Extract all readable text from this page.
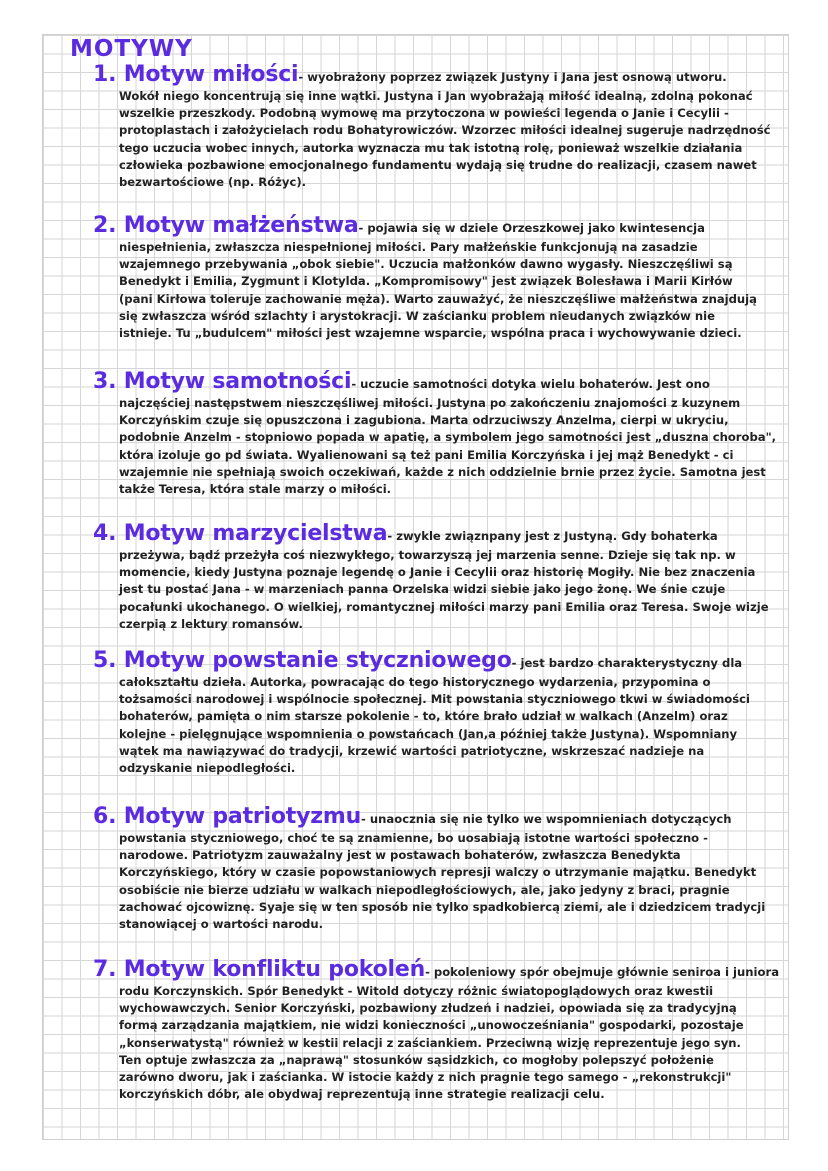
MOTYWY

1. Motyw miłości- wyobrażony poprzez związek Justyny i Jana jest osnową utworu.

Wokół niego koncentrują się inne wątki. Justyna i Jan wyobrażają miłość idealną, zdolną pokonać

wszelkie przeszkody. Podobną wymowę ma przytoczona w powieści legenda o Janie i Cecylii -

protoplastach i założycielach rodu Bohatyrowiczów. Wzorzec miłości idealnej sugeruje nadrzędność

tego uczucia wobec innych, autorka wyznacza mu tak istotną rolę, ponieważ wszelkie działania

człowieka pozbawione emocjonalnego fundamentu wydają się trudne do realizacji, czasem nawet

bezwartościowe (np. Różyc).

2. Motyw małżeństwa- pojawia się w dziele Orzeszkowej jako kwintesencja

niespełnienia, zwłaszcza niespełnionej miłości. Pary małżeńskie funkcjonują na zasadzie

wzajemnego przebywania „obok siebie". Uczucia małżonków dawno wygasły. Nieszczęśliwi są

Benedykt i Emilia, Zygmunt i Klotylda. „Kompromisowy" jest związek Bolesława i Marii Kirłów

(pani Kirłowa toleruje zachowanie męża). Warto zauważyć, że nieszczęśliwe małżeństwa znajdują

się zwłaszcza wśród szlachty i arystokracji. W zaścianku problem nieudanych związków nie

istnieje. Tu „budulcem" miłości jest wzajemne wsparcie, wspólna praca i wychowywanie dzieci.

3. Motyw samotności- uczucie samotności dotyka wielu bohaterów. Jest ono

najczęściej następstwem nieszczęśliwej miłości. Justyna po zakończeniu znajomości z kuzynem

Korczyńskim czuje się opuszczona i zagubiona. Marta odrzuciwszy Anzelma, cierpi w ukryciu,

podobnie Anzelm - stopniowo popada w apatię, a symbolem jego samotności jest „duszna choroba",

która izoluje go pd świata. Wyalienowani są też pani Emilia Korczyńska i jej mąż Benedykt - ci

wzajemnie nie spełniają swoich oczekiwań, każde z nich oddzielnie brnie przez życie. Samotna jest

także Teresa, która stale marzy o miłości.

4. Motyw marzycielstwa- zwykle związnpany jest z Justyną. Gdy bohaterka

przeżywa, bądź przeżyła coś niezwykłego, towarzyszą jej marzenia senne. Dzieje się tak np. w

momencie, kiedy Justyna poznaje legendę o Janie i Cecylii oraz historię Mogiły. Nie bez znaczenia

jest tu postać Jana - w marzeniach panna Orzelska widzi siebie jako jego żonę. We śnie czuje

pocałunki ukochanego. O wielkiej, romantycznej miłości marzy pani Emilia oraz Teresa. Swoje wizje

czerpią z lektury romansów.

5. Motyw powstanie styczniowego- jest bardzo charakterystyczny dla

całokształtu dzieła. Autorka, powracając do tego historycznego wydarzenia, przypomina o

tożsamości narodowej i wspólnocie społecznej. Mit powstania styczniowego tkwi w świadomości

bohaterów, pamięta o nim starsze pokolenie - to, które brało udział w walkach (Anzelm) oraz

kolejne - pielęgnujące wspomnienia o powstańcach (Jan,a później także Justyna). Wspomniany

wątek ma nawiązywać do tradycji, krzewić wartości patriotyczne, wskrzeszać nadzieje na

odzyskanie niepodległości.

6. Motyw patriotyzmu- unaocznia się nie tylko we wspomnieniach dotyczących

powstania styczniowego, choć te są znamienne, bo uosabiają istotne wartości społeczno -

narodowe. Patriotyzm zauważalny jest w postawach bohaterów, zwłaszcza Benedykta

Korczyńskiego, który w czasie popowstaniowych represji walczy o utrzymanie majątku. Benedykt

osobiście nie bierze udziału w walkach niepodległościowych, ale, jako jedyny z braci, pragnie

zachować ojcowiznę. Syaje się w ten sposób nie tylko spadkobiercą ziemi, ale i dziedzicem tradycji

stanowiącej o wartości narodu.

7. Motyw konfliktu pokoleń- pokoleniowy spór obejmuje głównie seniroa i juniora

rodu Korczynskich. Spór Benedykt - Witold dotyczy różnic światopoglądowych oraz kwestii

wychowawczych. Senior Korczyński, pozbawiony złudzeń i nadziei, opowiada się za tradycyjną

formą zarządzania majątkiem, nie widzi konieczności „unowocześniania" gospodarki, pozostaje

„konserwatystą" również w kestii relacji z zaściankiem. Przeciwną wizję reprezentuje jego syn.

Ten optuje zwłaszcza za „naprawą" stosunków sąsidzkich, co mogłoby polepszyć położenie

zarówno dworu, jak i zaścianka. W istocie każdy z nich pragnie tego samego - „rekonstrukcji"

korczyńskich dóbr, ale obydwaj reprezentują inne strategie realizacji celu.
